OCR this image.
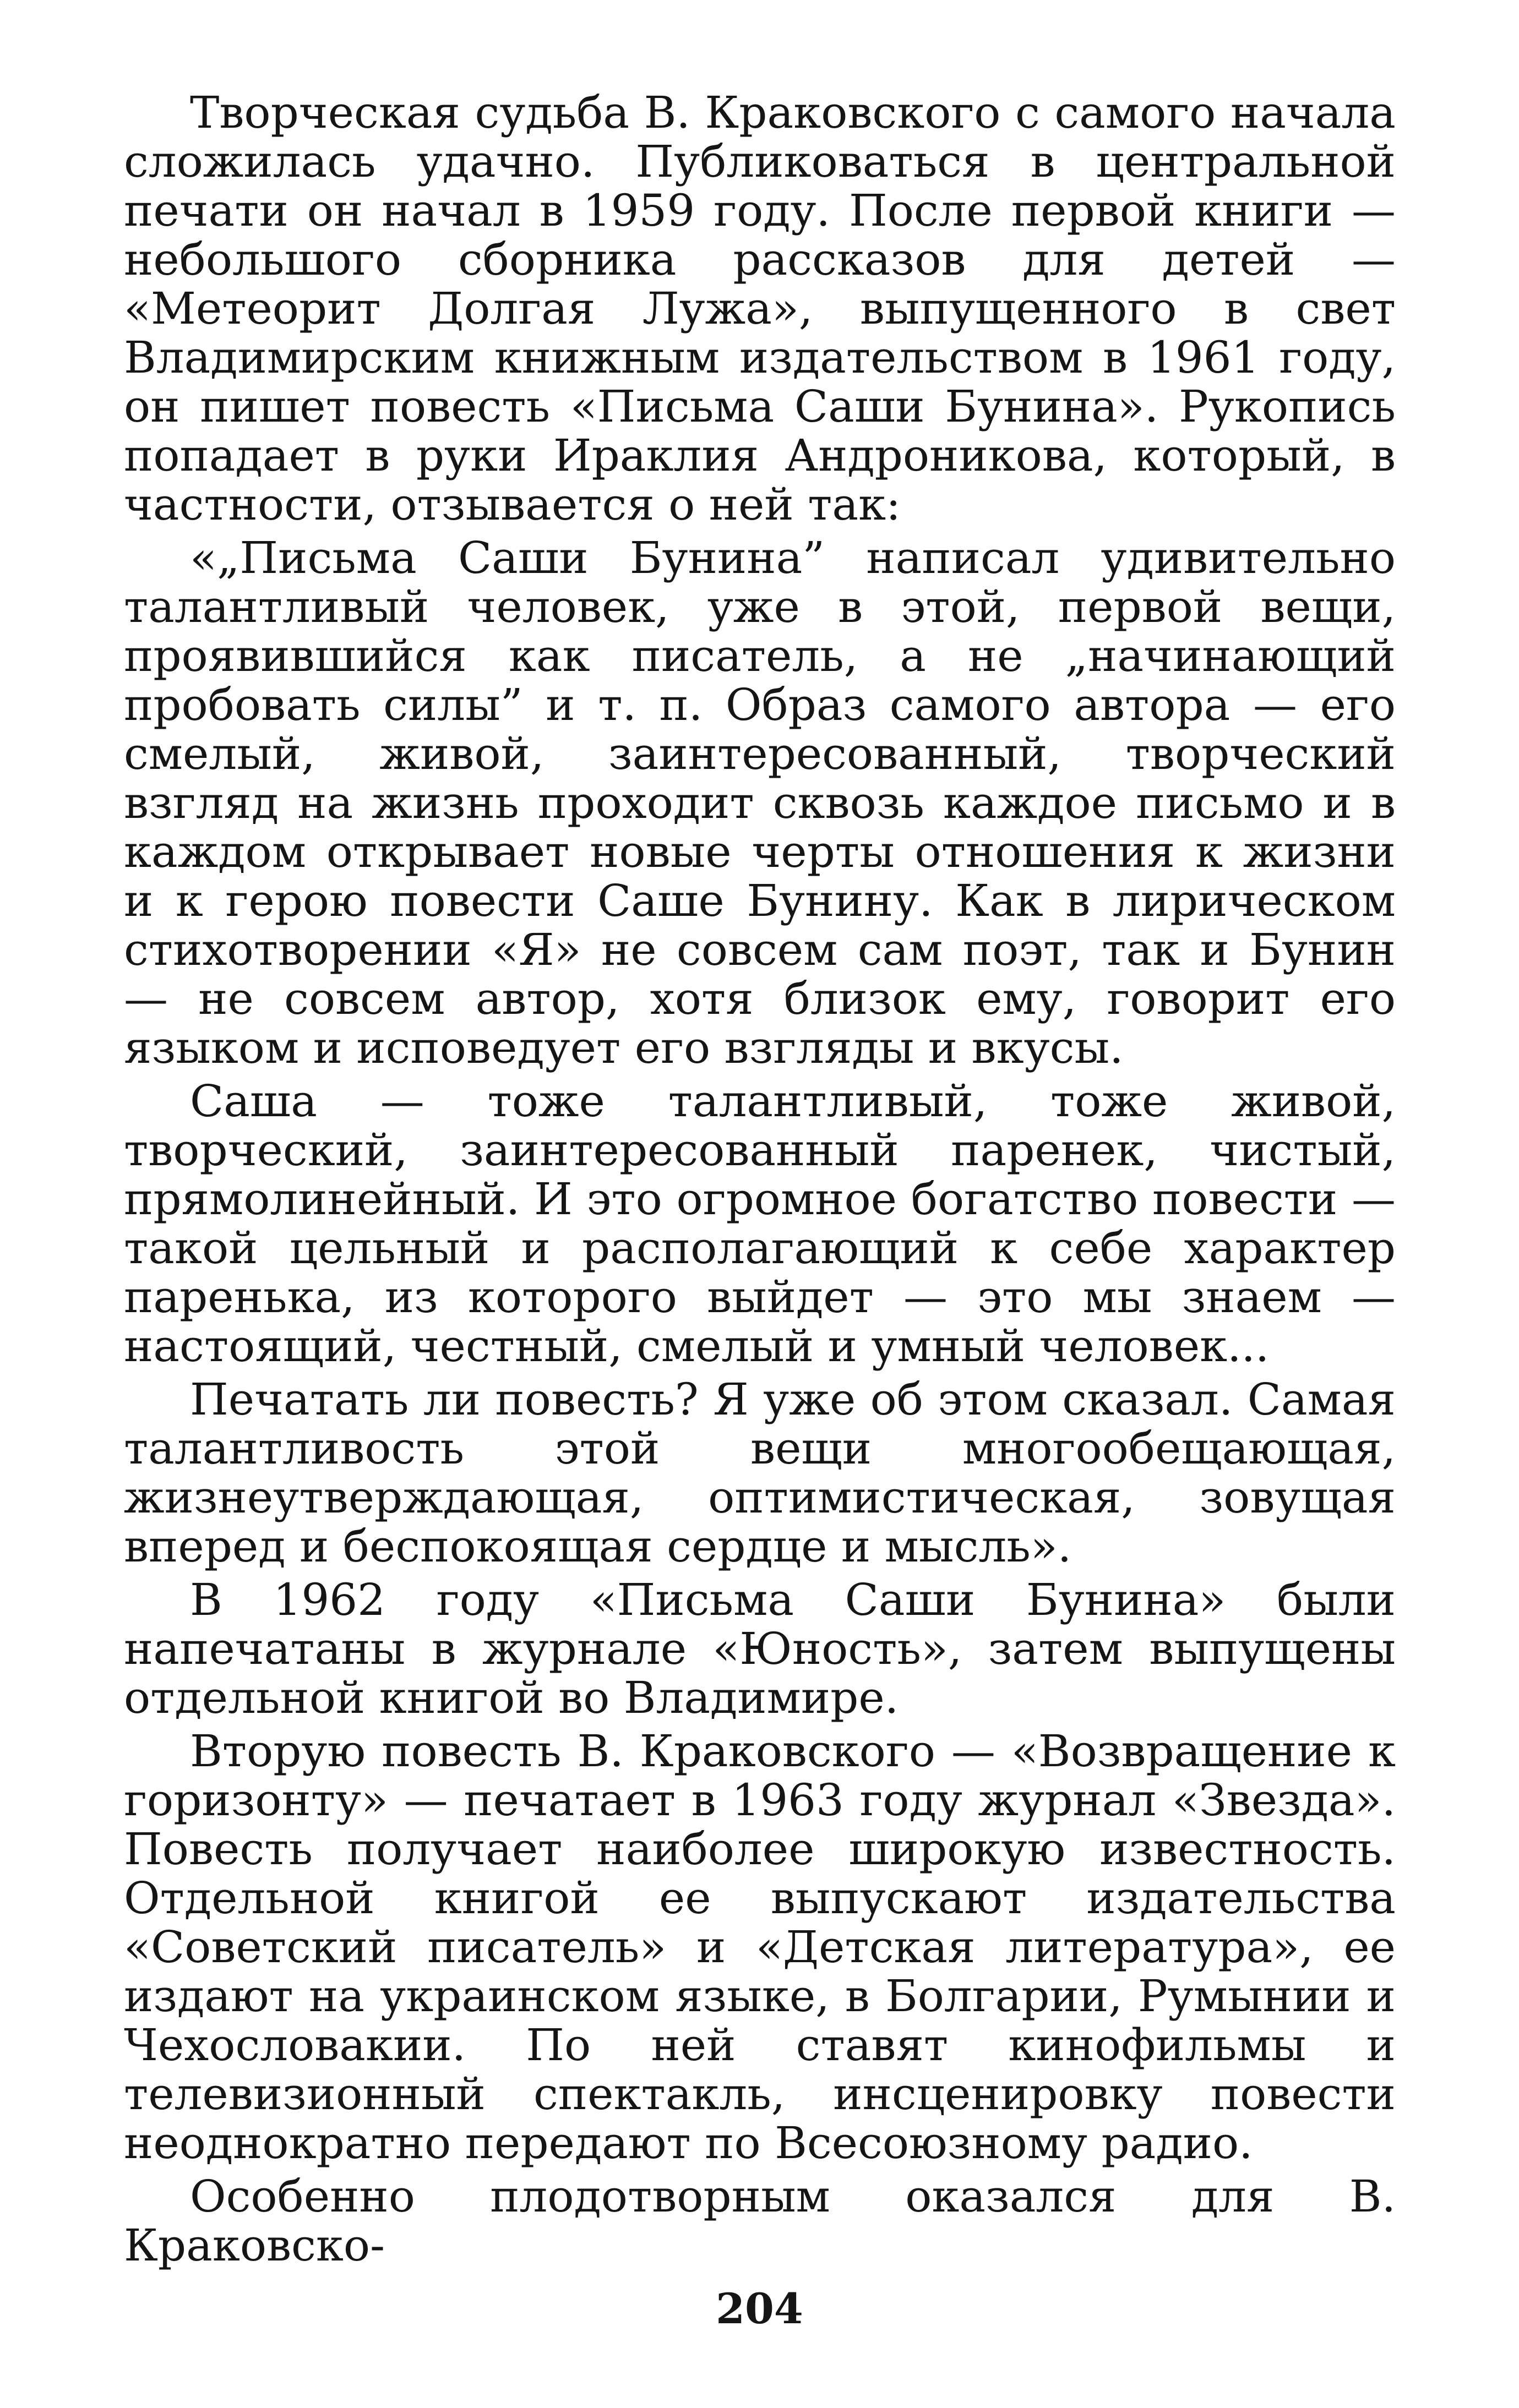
Творческая судьба В. Краковского с самого начала сложилась удачно. Публиковаться в центральной печати он начал в 1959 году. После первой книги — небольшого сборника рассказов для детей — «Метеорит Долгая Лужа», выпущенного в свет Владимирским книжным издательством в 1961 году, он пишет повесть «Письма Саши Бунина». Рукопись попадает в руки Ираклия Андроникова, который, в частности, отзывается о ней так:

«„Письма Саши Бунина” написал удивительно талантливый человек, уже в этой, первой вещи, проявившийся как писатель, а не „начинающий пробовать силы” и т. п. Образ самого автора — его смелый, живой, заинтересованный, творческий взгляд на жизнь проходит сквозь каждое письмо и в каждом открывает новые черты отношения к жизни и к герою повести Саше Бунину. Как в лирическом стихотворении «Я» не совсем сам поэт, так и Бунин — не совсем автор, хотя близок ему, говорит его языком и исповедует его взгляды и вкусы.

Саша — тоже талантливый, тоже живой, творческий, заинтересованный паренек, чистый, прямолинейный. И это огромное богатство повести — такой цельный и располагающий к себе характер паренька, из которого выйдет — это мы знаем — настоящий, честный, смелый и умный человек...

Печатать ли повесть? Я уже об этом сказал. Самая талантливость этой вещи многообещающая, жизнеутверждающая, оптимистическая, зовущая вперед и беспокоящая сердце и мысль».

В 1962 году «Письма Саши Бунина» были напечатаны в журнале «Юность», затем выпущены отдельной книгой во Владимире.

Вторую повесть В. Краковского — «Возвращение к горизонту» — печатает в 1963 году журнал «Звезда». Повесть получает наиболее широкую известность. Отдельной книгой ее выпускают издательства «Советский писатель» и «Детская литература», ее издают на украинском языке, в Болгарии, Румынии и Чехословакии. По ней ставят кинофильмы и телевизионный спектакль, инсценировку повести неоднократно передают по Всесоюзному радио.

Особенно плодотворным оказался для В. Краковско-

204
